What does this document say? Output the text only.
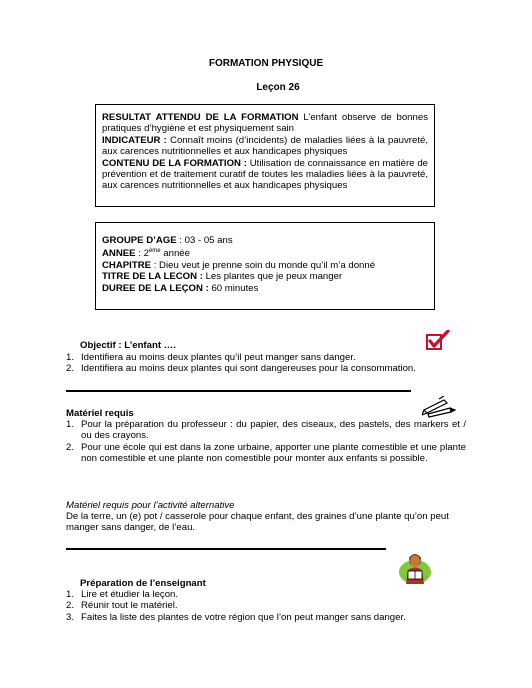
FORMATION PHYSIQUE
Leçon 26

RESULTAT ATTENDU DE LA FORMATION L’enfant observe de bonnes pratiques d’hygiène et est physiquement sain

INDICATEUR : Connaît moins (d’incidents) de maladies liées à la pauvreté, aux carences nutritionnelles et aux handicapes physiques

CONTENU DE LA FORMATION : Utilisation de connaissance en matière de prévention et de traitement curatif de toutes les maladies liées à la pauvreté, aux carences nutritionnelles et aux handicapes physiques

GROUPE D’AGE : 03 - 05 ans

ANNEE : 2ème année

CHAPITRE : Dieu veut je prenne soin du monde qu’il m’a donné

TITRE DE LA LECON : Les plantes que je peux manger

DUREE DE LA LEÇON : 60 minutes

Objectif : L’enfant ….
1. Identifiera au moins deux plantes qu’il peut manger sans danger.
2. Identifiera au moins deux plantes qui sont dangereuses pour la consommation.
Matériel requis
1. Pour la préparation du professeur : du papier, des ciseaux, des pastels, des markers et / ou des crayons.
2. Pour une école qui est dans la zone urbaine, apporter une plante comestible et une plante non comestible et une plante non comestible pour monter aux enfants si possible.
Matériel requis pour l’activité alternative
De la terre, un (e) pot / casserole pour chaque enfant, des graines d’une plante qu’on peut manger sans danger, de l’eau.
Préparation de l’enseignant
1. Lire et étudier la leçon.
2. Réunir tout le matériel.
3. Faites la liste des plantes de votre région que l’on peut manger sans danger.
